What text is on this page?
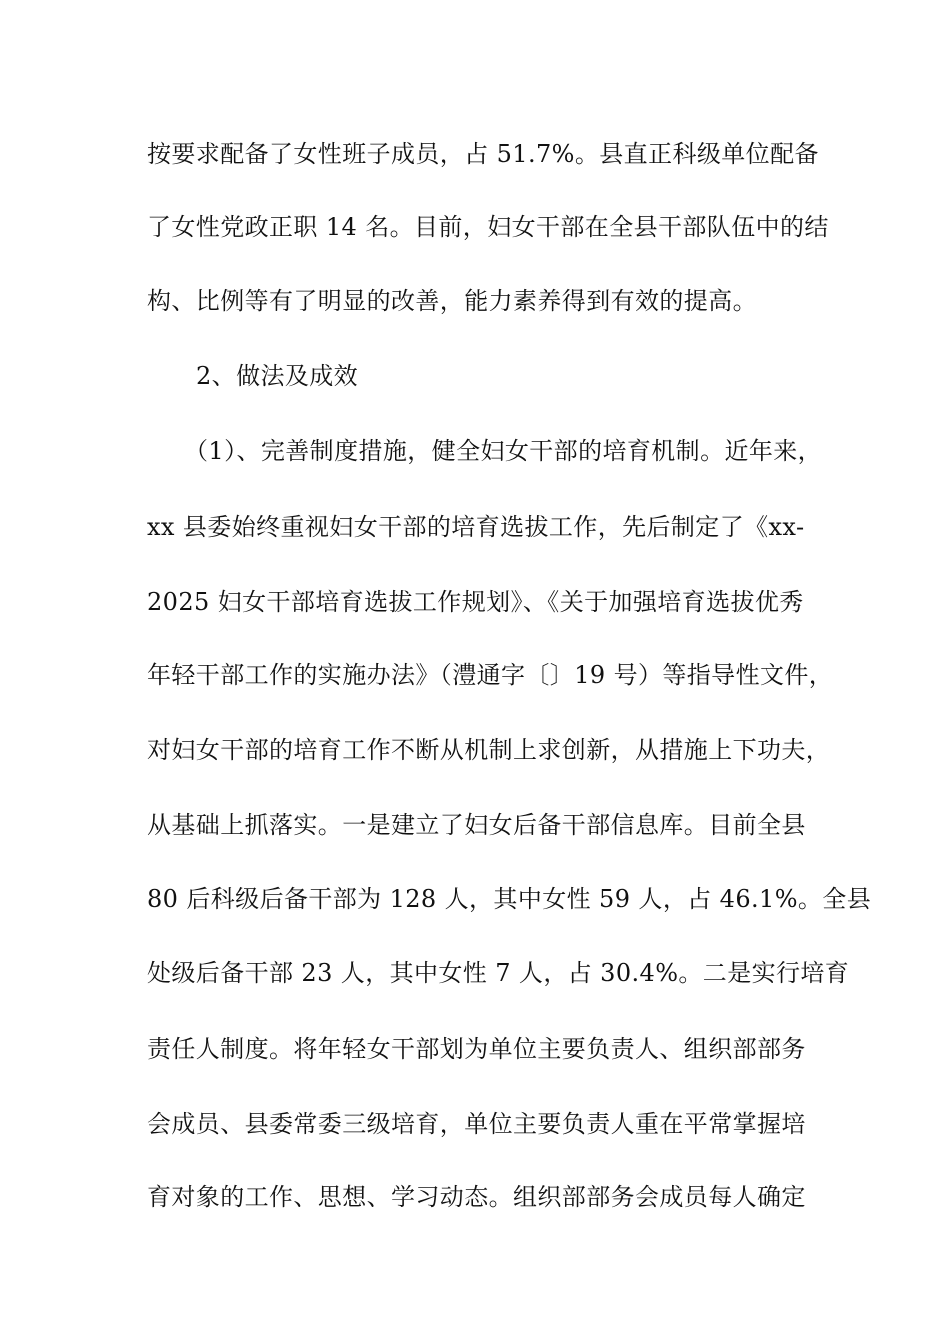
按要求配备了女性班子成员，占 51.7%。县直正科级单位配备
了女性党政正职 14 名。目前，妇女干部在全县干部队伍中的结
构、比例等有了明显的改善，能力素养得到有效的提高。
2、做法及成效
（1）、完善制度措施，健全妇女干部的培育机制。近年来，
xx 县委始终重视妇女干部的培育选拔工作，先后制定了《xx-
2025 妇女干部培育选拔工作规划》、《关于加强培育选拔优秀
年轻干部工作的实施办法》（澧通字〔〕19 号）等指导性文件，
对妇女干部的培育工作不断从机制上求创新，从措施上下功夫，
从基础上抓落实。一是建立了妇女后备干部信息库。目前全县
80 后科级后备干部为 128 人，其中女性 59 人，占 46.1%。全县
处级后备干部 23 人，其中女性 7 人，占 30.4%。二是实行培育
责任人制度。将年轻女干部划为单位主要负责人、组织部部务
会成员、县委常委三级培育，单位主要负责人重在平常掌握培
育对象的工作、思想、学习动态。组织部部务会成员每人确定
